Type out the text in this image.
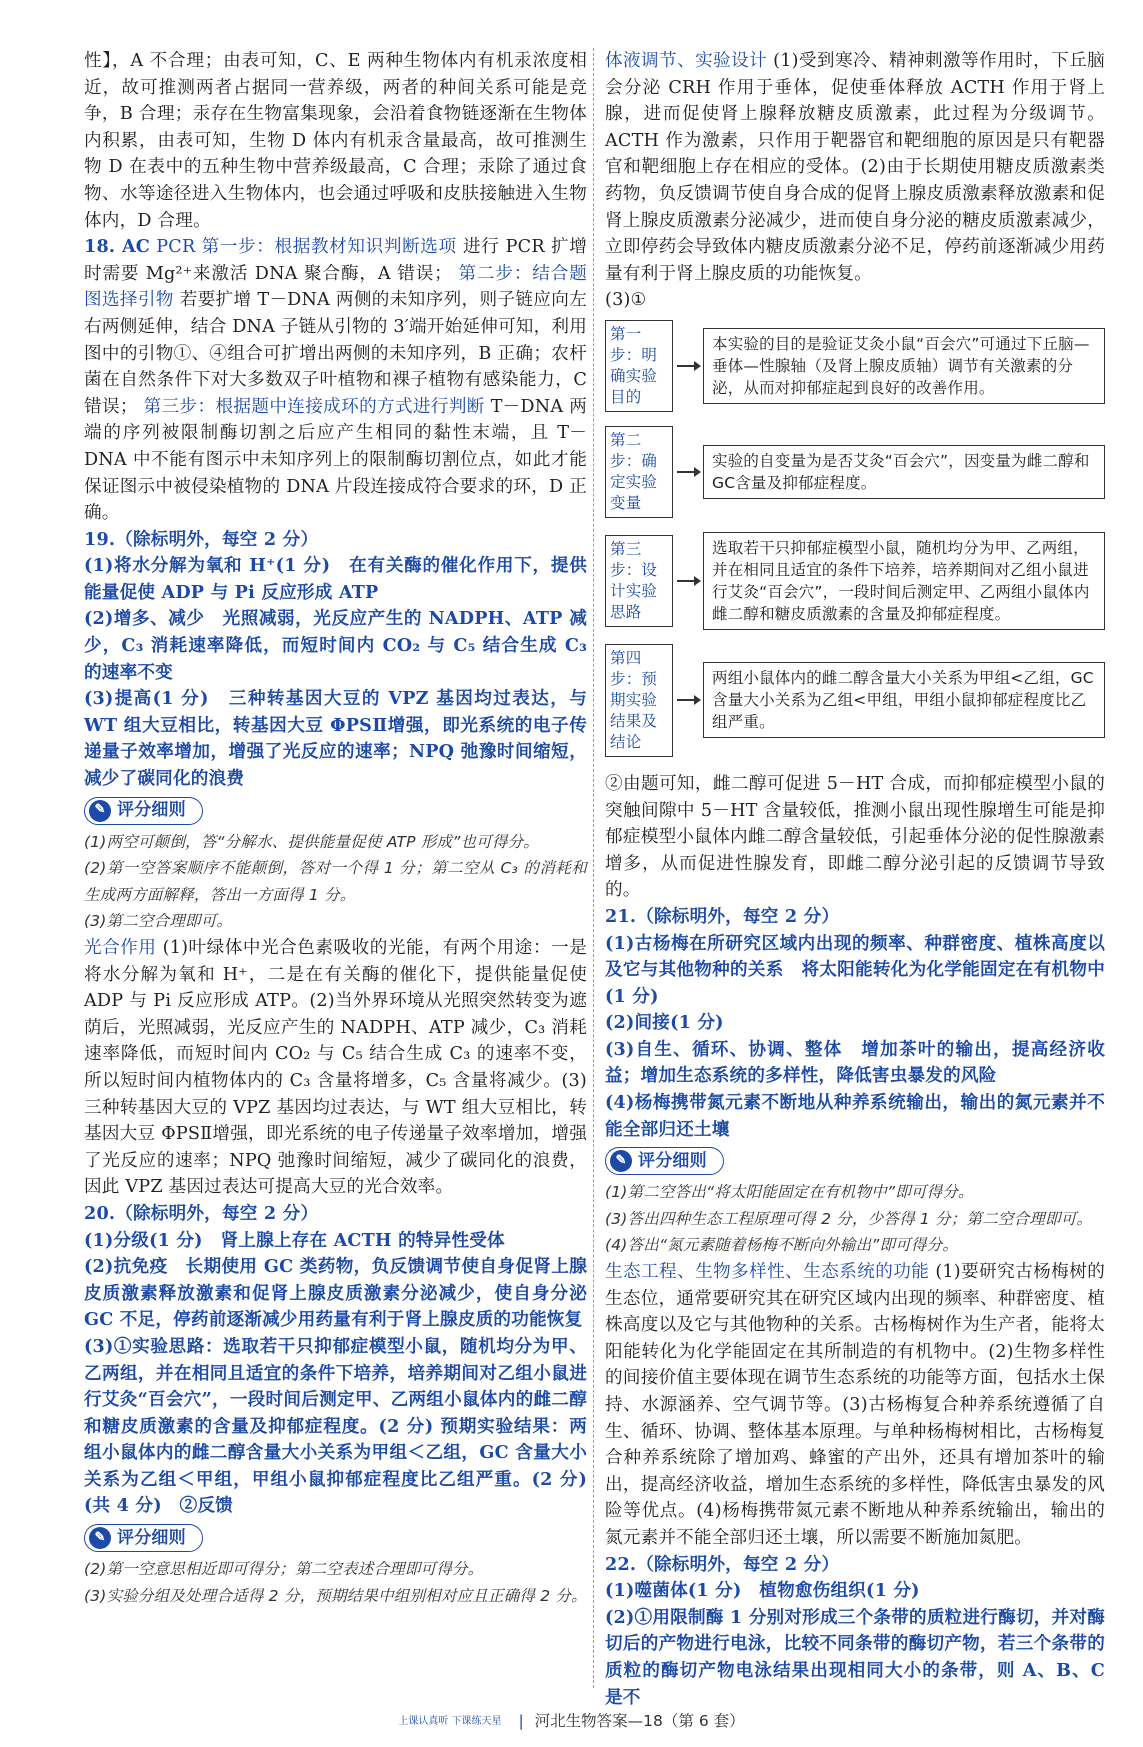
性】，A 不合理；由表可知，C、E 两种生物体内有机汞浓度相近，故可推测两者占据同一营养级，两者的种间关系可能是竞争，B 合理；汞存在生物富集现象，会沿着食物链逐渐在生物体内积累，由表可知，生物 D 体内有机汞含量最高，故可推测生物 D 在表中的五种生物中营养级最高，C 合理；汞除了通过食物、水等途径进入生物体内，也会通过呼吸和皮肤接触进入生物体内，D 合理。

18. AC PCR 第一步：根据教材知识判断选项 进行 PCR 扩增时需要 Mg²⁺来激活 DNA 聚合酶，A 错误； 第二步：结合题图选择引物 若要扩增 T－DNA 两侧的未知序列，则子链应向左右两侧延伸，结合 DNA 子链从引物的 3′端开始延伸可知，利用图中的引物①、④组合可扩增出两侧的未知序列，B 正确；农杆菌在自然条件下对大多数双子叶植物和裸子植物有感染能力，C 错误； 第三步：根据题中连接成环的方式进行判断 T－DNA 两端的序列被限制酶切割之后应产生相同的黏性末端，且 T－DNA 中不能有图示中未知序列上的限制酶切割位点，如此才能保证图示中被侵染植物的 DNA 片段连接成符合要求的环，D 正确。

19.（除标明外，每空 2 分）

(1)将水分解为氧和 H⁺(1 分)　在有关酶的催化作用下，提供能量促使 ADP 与 Pi 反应形成 ATP

(2)增多、减少　光照减弱，光反应产生的 NADPH、ATP 减少，C₃ 消耗速率降低，而短时间内 CO₂ 与 C₅ 结合生成 C₃ 的速率不变

(3)提高(1 分)　三种转基因大豆的 VPZ 基因均过表达，与 WT 组大豆相比，转基因大豆 ΦPSⅡ增强，即光系统的电子传递量子效率增加，增强了光反应的速率；NPQ 弛豫时间缩短，减少了碳同化的浪费

✎ 评分细则

(1)两空可颠倒，答“分解水、提供能量促使 ATP 形成”也可得分。

(2)第一空答案顺序不能颠倒，答对一个得 1 分；第二空从 C₃ 的消耗和生成两方面解释，答出一方面得 1 分。

(3)第二空合理即可。

光合作用 (1)叶绿体中光合色素吸收的光能，有两个用途：一是将水分解为氧和 H⁺，二是在有关酶的催化下，提供能量促使 ADP 与 Pi 反应形成 ATP。(2)当外界环境从光照突然转变为遮荫后，光照减弱，光反应产生的 NADPH、ATP 减少，C₃ 消耗速率降低，而短时间内 CO₂ 与 C₅ 结合生成 C₃ 的速率不变，所以短时间内植物体内的 C₃ 含量将增多，C₅ 含量将减少。(3)三种转基因大豆的 VPZ 基因均过表达，与 WT 组大豆相比，转基因大豆 ΦPSⅡ增强，即光系统的电子传递量子效率增加，增强了光反应的速率；NPQ 弛豫时间缩短，减少了碳同化的浪费，因此 VPZ 基因过表达可提高大豆的光合效率。

20.（除标明外，每空 2 分）

(1)分级(1 分)　肾上腺上存在 ACTH 的特异性受体

(2)抗免疫　长期使用 GC 类药物，负反馈调节使自身促肾上腺皮质激素释放激素和促肾上腺皮质激素分泌减少，使自身分泌 GC 不足，停药前逐渐减少用药量有利于肾上腺皮质的功能恢复

(3)①实验思路：选取若干只抑郁症模型小鼠，随机均分为甲、乙两组，并在相同且适宜的条件下培养，培养期间对乙组小鼠进行艾灸“百会穴”，一段时间后测定甲、乙两组小鼠体内的雌二醇和糖皮质激素的含量及抑郁症程度。(2 分) 预期实验结果：两组小鼠体内的雌二醇含量大小关系为甲组＜乙组，GC 含量大小关系为乙组＜甲组，甲组小鼠抑郁症程度比乙组严重。(2 分)(共 4 分)　②反馈

✎ 评分细则

(2)第一空意思相近即可得分；第二空表述合理即可得分。

(3)实验分组及处理合适得 2 分，预期结果中组别相对应且正确得 2 分。

体液调节、实验设计 (1)受到寒冷、精神刺激等作用时，下丘脑会分泌 CRH 作用于垂体，促使垂体释放 ACTH 作用于肾上腺，进而促使肾上腺释放糖皮质激素，此过程为分级调节。ACTH 作为激素，只作用于靶器官和靶细胞的原因是只有靶器官和靶细胞上存在相应的受体。(2)由于长期使用糖皮质激素类药物，负反馈调节使自身合成的促肾上腺皮质激素释放激素和促肾上腺皮质激素分泌减少，进而使自身分泌的糖皮质激素减少，立即停药会导致体内糖皮质激素分泌不足，停药前逐渐减少用药量有利于肾上腺皮质的功能恢复。

(3)①

第一步：明确实验目的
本实验的目的是验证艾灸小鼠“百会穴”可通过下丘脑—垂体—性腺轴（及肾上腺皮质轴）调节有关激素的分泌，从而对抑郁症起到良好的改善作用。
第二步：确定实验变量
实验的自变量为是否艾灸“百会穴”，因变量为雌二醇和GC含量及抑郁症程度。
第三步：设计实验思路
选取若干只抑郁症模型小鼠，随机均分为甲、乙两组，并在相同且适宜的条件下培养，培养期间对乙组小鼠进行艾灸“百会穴”，一段时间后测定甲、乙两组小鼠体内雌二醇和糖皮质激素的含量及抑郁症程度。
第四步：预期实验结果及结论
两组小鼠体内的雌二醇含量大小关系为甲组<乙组，GC含量大小关系为乙组<甲组，甲组小鼠抑郁症程度比乙组严重。

②由题可知，雌二醇可促进 5－HT 合成，而抑郁症模型小鼠的突触间隙中 5－HT 含量较低，推测小鼠出现性腺增生可能是抑郁症模型小鼠体内雌二醇含量较低，引起垂体分泌的促性腺激素增多，从而促进性腺发育，即雌二醇分泌引起的反馈调节导致的。

21.（除标明外，每空 2 分）

(1)古杨梅在所研究区域内出现的频率、种群密度、植株高度以及它与其他物种的关系　将太阳能转化为化学能固定在有机物中(1 分)

(2)间接(1 分)

(3)自生、循环、协调、整体　增加茶叶的输出，提高经济收益；增加生态系统的多样性，降低害虫暴发的风险

(4)杨梅携带氮元素不断地从种养系统输出，输出的氮元素并不能全部归还土壤

✎ 评分细则

(1)第二空答出“将太阳能固定在有机物中”即可得分。

(3)答出四种生态工程原理可得 2 分，少答得 1 分；第二空合理即可。

(4)答出“氮元素随着杨梅不断向外输出”即可得分。

生态工程、生物多样性、生态系统的功能 (1)要研究古杨梅树的生态位，通常要研究其在研究区域内出现的频率、种群密度、植株高度以及它与其他物种的关系。古杨梅树作为生产者，能将太阳能转化为化学能固定在其所制造的有机物中。(2)生物多样性的间接价值主要体现在调节生态系统的功能等方面，包括水土保持、水源涵养、空气调节等。(3)古杨梅复合种养系统遵循了自生、循环、协调、整体基本原理。与单种杨梅树相比，古杨梅复合种养系统除了增加鸡、蜂蜜的产出外，还具有增加茶叶的输出，提高经济收益，增加生态系统的多样性，降低害虫暴发的风险等优点。(4)杨梅携带氮元素不断地从种养系统输出，输出的氮元素并不能全部归还土壤，所以需要不断施加氮肥。

22.（除标明外，每空 2 分）

(1)噬菌体(1 分)　植物愈伤组织(1 分)

(2)①用限制酶 1 分别对形成三个条带的质粒进行酶切，并对酶切后的产物进行电泳，比较不同条带的酶切产物，若三个条带的质粒的酶切产物电泳结果出现相同大小的条带，则 A、B、C 是不

上课认真听 下课练天星 | 河北生物答案—18（第 6 套）
